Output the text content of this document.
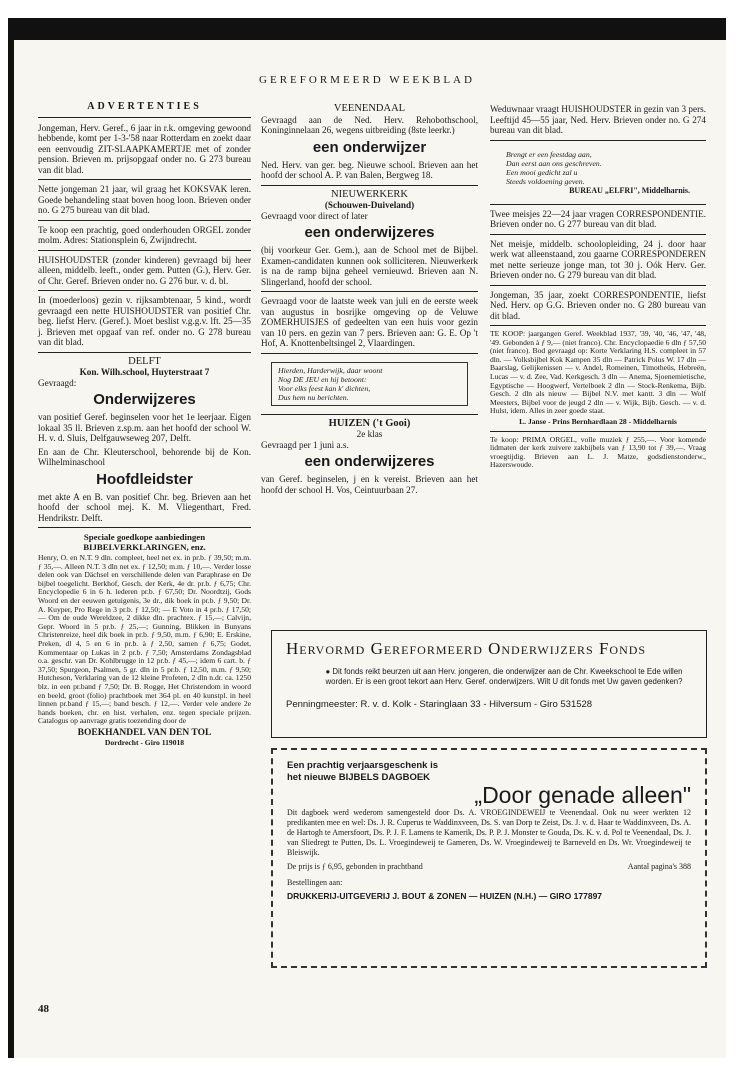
GEREFORMEERD WEEKBLAD
ADVERTENTIES

Jongeman, Herv. Geref., 6 jaar in r.k. omgeving gewoond hebbende, komt per 1-3-'58 naar Rotterdam en zoekt daar een eenvoudig ZIT-SLAAPKAMERTJE met of zonder pension. Brieven m. prijsopgaaf onder no. G 273 bureau van dit blad.

Nette jongeman 21 jaar, wil graag het KOKSVAK leren. Goede behandeling staat boven hoog loon. Brieven onder no. G 275 bureau van dit blad.

Te koop een prachtig, goed onderhouden ORGEL zonder molm. Adres: Stationsplein 6, Zwijndrecht.

HUISHOUDSTER (zonder kinderen) gevraagd bij heer alleen, middelb. leeft., onder gem. Putten (G.), Herv. Ger. of Chr. Geref. Brieven onder no. G 276 bur. v. d. bl.

In (moederloos) gezin v. rijksambtenaar, 5 kind., wordt gevraagd een nette HUISHOUDSTER van positief Chr. beg. liefst Herv. (Geref.). Moet beslist v.g.g.v. lft. 25—35 j. Brieven met opgaaf van ref. onder no. G 278 bureau van dit blad.

DELFT
Kon. Wilh.school, Huyterstraat 7

Gevraagd:

Onderwijzeres

van positief Geref. beginselen voor het 1e leerjaar. Eigen lokaal 35 ll. Brieven z.sp.m. aan het hoofd der school W. H. v. d. Sluis, Delfgauwseweg 207, Delft.

En aan de Chr. Kleuterschool, behorende bij de Kon. Wilhelminaschool

Hoofdleidster

met akte A en B. van positief Chr. beg. Brieven aan het hoofd der school mej. K. M. Vliegenthart, Fred. Hendrikstr. Delft.

Speciale goedkope aanbiedingen
BIJBELVERKLARINGEN, enz.

Henry, O. en N.T. 9 dln. compleet, heel net ex. in pr.b. ƒ 39,50; m.m. ƒ 35,—. Alleen N.T. 3 dln net ex. ƒ 12,50; m.m. ƒ 10,—. Verder losse delen ook van Dächsel en verschillende delen van Paraphrase en De bijbel toegelicht. Berkhof, Gesch. der Kerk, 4e dr. pr.b. ƒ 6,75; Chr. Encyclopedie 6 in 6 h. lederen pr.b. ƒ 67,50; Dr. Noordtzij, Gods Woord en der eeuwen getuigenis, 3e dr., dik boek in pr.b. ƒ 9,50; Dr. A. Kuyper, Pro Rege in 3 pr.b. ƒ 12,50; — E Voto in 4 pr.b. ƒ 17,50; — Om de oude Wereldzee, 2 dikke dln. prachtex. ƒ 15,—; Calvijn, Gepr. Woord in 5 pr.b. ƒ 25,—; Gunning, Blikken in Bunyans Christenreize, heel dik boek in pr.b. ƒ 9,50, m.m. ƒ 6,90; E. Erskine, Preken, dl 4, 5 en 6 in pr.b. à ƒ 2,50, samen ƒ 6,75; Godet, Kommentaar op Lukas in 2 pr.b. ƒ 7,50; Amsterdams Zondagsblad o.a. geschr. van Dr. Kohlbrugge in 12 pr.b. ƒ 45,—; idem 6 cart. b. ƒ 37,50; Spurgeon, Psalmen, 5 gr. dln in 5 pr.b. ƒ 12,50, m.m. ƒ 9,50; Hutcheson, Verklaring van de 12 kleine Profeten, 2 dln n.dr. ca. 1250 blz. in een pr.band ƒ 7,50; Dr. B. Rogge, Het Christendom in woord en beeld, groot (folio) prachtboek met 364 pl. en 40 kunstpl. in heel linnen pr.band ƒ 15,—; band besch. ƒ 12,—. Verder vele andere 2e hands boeken, chr. en hist. verhalen, enz. tegen speciale prijzen. Catalogus op aanvrage gratis toezending door de

BOEKHANDEL VAN DEN TOL
Dordrecht - Giro 119018
VEENENDAAL

Gevraagd aan de Ned. Herv. Rehobothschool, Koninginnelaan 26, wegens uitbreiding (8ste leerkr.)

een onderwijzer

Ned. Herv. van ger. beg. Nieuwe school. Brieven aan het hoofd der school A. P. van Balen, Bergweg 18.

NIEUWERKERK
(Schouwen-Duiveland)

Gevraagd voor direct of later

een onderwijzeres

(bij voorkeur Ger. Gem.), aan de School met de Bijbel. Examen-candidaten kunnen ook solliciteren. Nieuwerkerk is na de ramp bijna geheel vernieuwd. Brieven aan N. Slingerland, hoofd der school.

Gevraagd voor de laatste week van juli en de eerste week van augustus in bosrijke omgeving op de Veluwe ZOMERHUISJES of gedeelten van een huis voor gezin van 10 pers. en gezin van 7 pers. Brieven aan: G. E. Op 't Hof, A. Knottenbeltsingel 2, Vlaardingen.

Hierden, Harderwijk, daar woont
Nog DE JEU en hij betoont:
Voor elks feest kan k' dichten,
Dus hem nu berichten.
HUIZEN ('t Gooi)
2e klas

Gevraagd per 1 juni a.s.

een onderwijzeres

van Geref. beginselen, j en k vereist. Brieven aan het hoofd der school H. Vos, Ceintuurbaan 27.

Weduwnaar vraagt HUISHOUDSTER in gezin van 3 pers. Leeftijd 45—55 jaar, Ned. Herv. Brieven onder no. G 274 bureau van dit blad.

Brengt er een feestdag aan,
Dan eerst aan ons geschreven.
Een mooi gedicht zal u
Steeds voldoening geven.
BUREAU „ELFRI", Middelharnis.

Twee meisjes 22—24 jaar vragen CORRESPONDENTIE. Brieven onder no. G 277 bureau van dit blad.

Net meisje, middelb. schoolopleiding, 24 j. door haar werk wat alleenstaand, zou gaarne CORRESPONDEREN met nette serieuze jonge man, tot 30 j. Oók Herv. Ger. Brieven onder no. G 279 bureau van dit blad.

Jongeman, 35 jaar, zoekt CORRESPONDENTIE, liefst Ned. Herv. op G.G. Brieven onder no. G 280 bureau van dit blad.

TE KOOP: jaargangen Geref. Weekblad 1937, '39, '40, '46, '47, '48, '49. Gebonden à ƒ 9,— (niet franco). Chr. Encyclopaedie 6 dln ƒ 57,50 (niet franco). Bod gevraagd op: Korte Verklaring H.S. compleet in 57 dln. — Volksbijbel Kok Kampen 35 dln — Patrick Polus W. 17 dln — Baarslag, Gelijkenissen — v. Andel, Romeinen, Timotheüs, Hebreën, Lucas — v. d. Zee, Vad. Kerkgesch. 3 dln — Anema, Sjoenemietische, Egyptische — Hoogwerf, Vertelboek 2 dln — Stock-Renkema, Bijb. Gesch. 2 dln als nieuw — Bijbel N.V. met kantt. 3 dln — Wolf Meesters, Bijbel voor de jeugd 2 dln — v. Wijk, Bijb. Gesch. — v. d. Hulst, idem. Alles in zeer goede staat.

L. Janse - Prins Bernhardlaan 28 - Middelharnis

Te koop: PRIMA ORGEL, volle muziek ƒ 255,—. Voor komende lidmaten der kerk zuivere zakbijbels van ƒ 13,90 tot ƒ 39,—. Vraag vroegtijdig. Brieven aan L. J. Matze, godsdienstonderw., Hazerswoude.

Hervormd Gereformeerd Onderwijzers Fonds
● Dit fonds reikt beurzen uit aan Herv. jongeren, die onderwijzer aan de Chr. Kweekschool te Ede willen worden. Er is een groot tekort aan Herv. Geref. onderwijzers. Wilt U dit fonds met Uw gaven gedenken?
Penningmeester: R. v. d. Kolk - Staringlaan 33 - Hilversum - Giro 531528
Een prachtig verjaarsgeschenk is
het nieuwe BIJBELS DAGBOEK
„Door genade alleen"
Dit dagboek werd wederom samengesteld door Ds. A. VROEGINDEWEIJ te Veenendaal. Ook nu weer werkten 12 predikanten mee en wel: Ds. J. R. Cuperus te Waddinxveen, Ds. S. van Dorp te Zeist, Ds. J. v. d. Haar te Waddinxveen, Ds. A. de Hartogh te Amersfoort, Ds. P. J. F. Lamens te Kamerik, Ds. P. P. J. Monster te Gouda, Ds. K. v. d. Pol te Veenendaal, Ds. J. van Sliedregt te Putten, Ds. L. Vroegindeweij te Gameren, Ds. W. Vroegindeweij te Barneveld en Ds. Wr. Vroegindeweij te Bleiswijk.
De prijs is ƒ 6,95, gebonden in prachtband	Aantal pagina's 388
Bestellingen aan:
DRUKKERIJ-UITGEVERIJ J. BOUT & ZONEN — HUIZEN (N.H.) — GIRO 177897
48
